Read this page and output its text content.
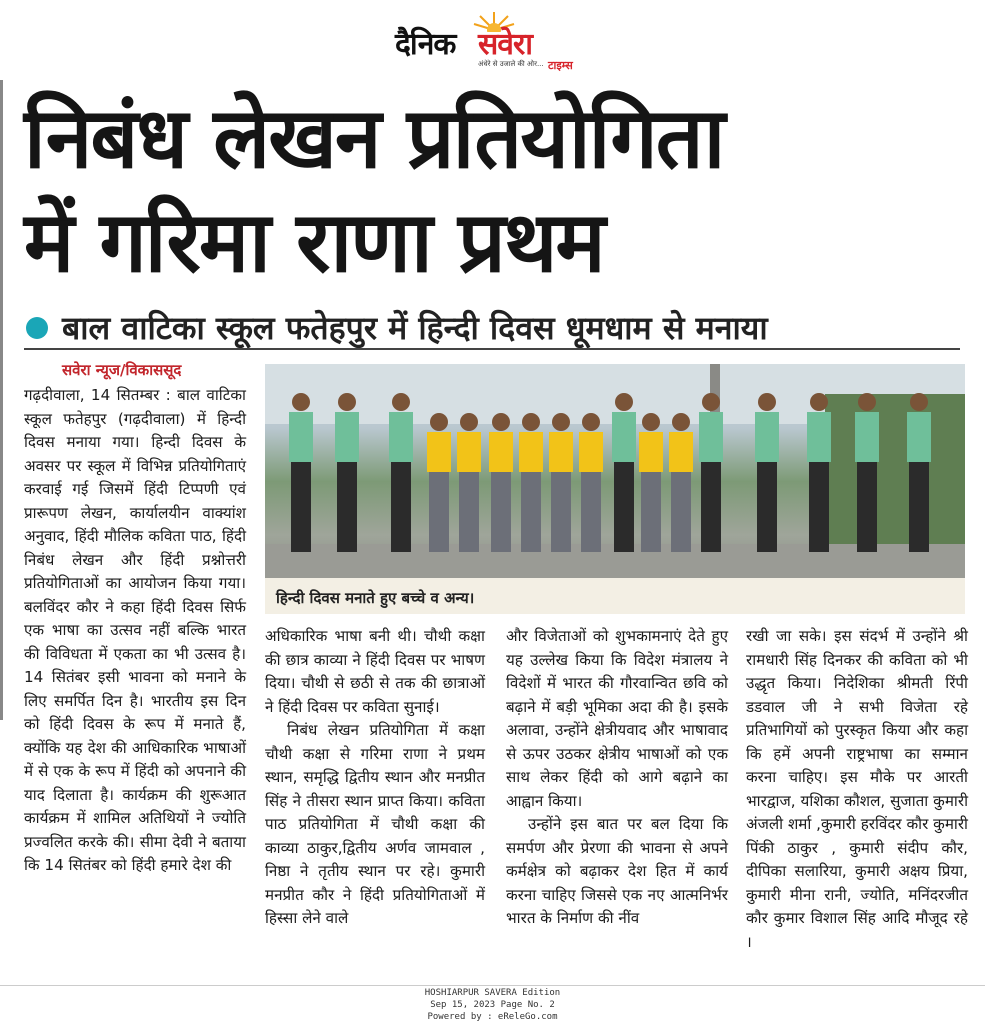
दैनिक सवेरा
अंधेरे से उजाले की ओर... टाइम्स
निबंध लेखन प्रतियोगिता
में गरिमा राणा प्रथम
बाल वाटिका स्कूल फतेहपुर में हिन्दी दिवस धूमधाम से मनाया
सवेरा न्यूज/विकाससूद

गढ़दीवाला, 14 सितम्बर : बाल वाटिका स्कूल फतेहपुर (गढ़दीवाला) में हिन्दी दिवस मनाया गया। हिन्दी दिवस के अवसर पर स्कूल में विभिन्न प्रतियोगिताएं करवाई गई जिसमें हिंदी टिप्पणी एवं प्रारूपण लेखन, कार्यालयीन वाक्यांश अनुवाद, हिंदी मौलिक कविता पाठ, हिंदी निबंध लेखन और हिंदी प्रश्नोत्तरी प्रतियोगिताओं का आयोजन किया गया। बलविंदर कौर ने कहा हिंदी दिवस सिर्फ एक भाषा का उत्सव नहीं बल्कि भारत की विविधता में एकता का भी उत्सव है।14 सितंबर इसी भावना को मनाने के लिए समर्पित दिन है। भारतीय इस दिन को हिंदी दिवस के रूप में मनाते हैं, क्योंकि यह देश की आधिकारिक भाषाओं में से एक के रूप में हिंदी को अपनाने की याद दिलाता है। कार्यक्रम की शुरूआत कार्यक्रम में शामिल अतिथियों ने ज्योति प्रज्वलित करके की। सीमा देवी ने बताया कि 14 सितंबर को हिंदी हमारे देश की

हिन्दी दिवस मनाते हुए बच्चे व अन्य।

अधिकारिक भाषा बनी थी। चौथी कक्षा की छात्र काव्या ने हिंदी दिवस पर भाषण दिया। चौथी से छठी से तक की छात्राओं ने हिंदी दिवस पर कविता सुनाई।

निबंध लेखन प्रतियोगिता में कक्षा चौथी कक्षा से गरिमा राणा ने प्रथम स्थान, समृद्धि द्वितीय स्थान और मनप्रीत सिंह ने तीसरा स्थान प्राप्त किया। कविता पाठ प्रतियोगिता में चौथी कक्षा की काव्या ठाकुर,द्वितीय अर्णव जामवाल , निष्ठा ने तृतीय स्थान पर रहे। कुमारी मनप्रीत कौर ने हिंदी प्रतियोगिताओं में हिस्सा लेने वाले

और विजेताओं को शुभकामनाएं देते हुए यह उल्लेख किया कि विदेश मंत्रालय ने विदेशों में भारत की गौरवान्वित छवि को बढ़ाने में बड़ी भूमिका अदा की है। इसके अलावा, उन्होंने क्षेत्रीयवाद और भाषावाद से ऊपर उठकर क्षेत्रीय भाषाओं को एक साथ लेकर हिंदी को आगे बढ़ाने का आह्वान किया।

उन्होंने इस बात पर बल दिया कि समर्पण और प्रेरणा की भावना से अपने कर्मक्षेत्र को बढ़ाकर देश हित में कार्य करना चाहिए जिससे एक नए आत्मनिर्भर भारत के निर्माण की नींव

रखी जा सके। इस संदर्भ में उन्होंने श्री रामधारी सिंह दिनकर की कविता को भी उद्धृत किया। निदेशिका श्रीमती रिंपी डडवाल जी ने सभी विजेता रहे प्रतिभागियों को पुरस्कृत किया और कहा कि हमें अपनी राष्ट्रभाषा का सम्मान करना चाहिए। इस मौके पर आरती भारद्वाज, यशिका कौशल, सुजाता कुमारी अंजली शर्मा ,कुमारी हरविंदर कौर कुमारी पिंकी ठाकुर , कुमारी संदीप कौर, दीपिका सलारिया, कुमारी अक्षय प्रिया, कुमारी मीना रानी, ज्योति, मनिंदरजीत कौर कुमार विशाल सिंह आदि मौजूद रहे ।

HOSHIARPUR SAVERA Edition
Sep 15, 2023 Page No. 2
Powered by : eReleGo.com
